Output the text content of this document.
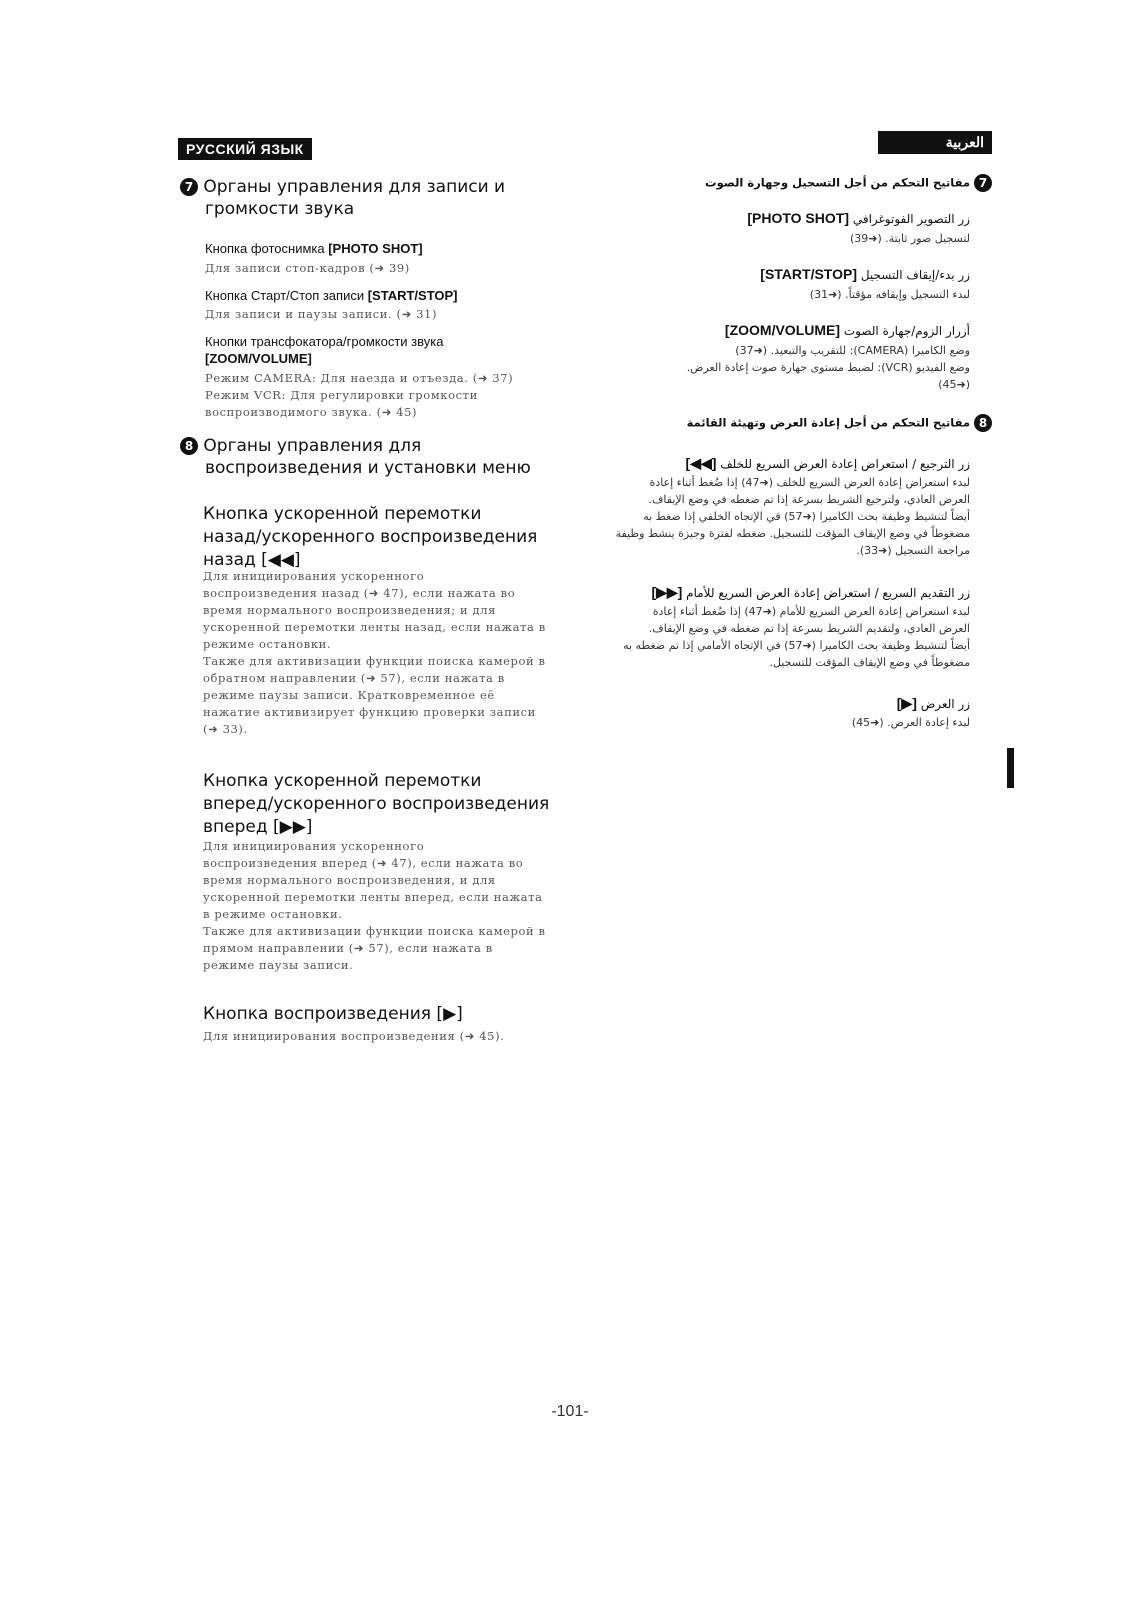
РУССКИЙ ЯЗЫК	العربية
7 Органы управления для записи и
громкости звука
Кнопка фотоснимка [PHOTO SHOT]
Для записи стоп-кадров (➜ 39)
Кнопка Старт/Стоп записи [START/STOP]
Для записи и паузы записи. (➜ 31)
Кнопки трансфокатора/громкости звука
[ZOOM/VOLUME]
Режим CAMERA: Для наезда и отъезда. (➜ 37)
Режим VCR: Для регулировки громкости
воспроизводимого звука. (➜ 45)
8 Органы управления для
воспроизведения и установки меню
Кнопка ускоренной перемотки
назад/ускоренного воспроизведения
назад [◀◀]
Для инициирования ускоренного
воспроизведения назад (➜ 47), если нажата во
время нормального воспроизведения; и для
ускоренной перемотки ленты назад, если нажата в
режиме остановки.
Также для активизации функции поиска камерой в
обратном направлении (➜ 57), если нажата в
режиме паузы записи. Кратковременное её
нажатие активизирует функцию проверки записи
(➜ 33).
Кнопка ускоренной перемотки
вперед/ускоренного воспроизведения
вперед [▶▶]
Для инициирования ускоренного
воспроизведения вперед (➜ 47), если нажата во
время нормального воспроизведения, и для
ускоренной перемотки ленты вперед, если нажата
в режиме остановки.
Также для активизации функции поиска камерой в
прямом направлении (➜ 57), если нажата в
режиме паузы записи.
Кнопка воспроизведения [▶]
Для инициирования воспроизведения (➜ 45).
7 مفاتيح التحكم من أجل التسجيل وجهارة الصوت
زر التصوير الفوتوغرافي [PHOTO SHOT]
لتسجيل صور ثابتة. (➜39)
زر بدء/إيقاف التسجيل [START/STOP]
لبدء التسجيل وإيقافه مؤقتاً. (➜31)
أزرار الزوم/جهارة الصوت [ZOOM/VOLUME]
وضع الكاميرا (CAMERA): للتقريب والتبعيد. (➜37)
وضع الفيديو (VCR): لضبط مستوى جهارة صوت إعادة العرض.
(➜45)
8 مفاتيح التحكم من أجل إعادة العرض وتهيئة القائمة
زر الترجيع / استعراض إعادة العرض السريع للخلف [◀◀]
لبدء استعراض إعادة العرض السريع للخلف (➜47) إذا ضُغط أثناء إعادة
العرض العادي، ولترجيع الشريط بسرعة إذا تم ضغطه في وضع الإيقاف.
أيضاً لتنشيط وظيفة بحث الكاميرا (➜57) في الإتجاه الخلفي إذا ضغط به
مضغوطاً في وضع الإيقاف المؤقت للتسجيل. ضغطه لفترة وجيزة ينشط وظيفة
مراجعة التسجيل (➜33).
زر التقديم السريع / استعراض إعادة العرض السريع للأمام [▶▶]
لبدء استعراض إعادة العرض السريع للأمام (➜47) إذا ضُغط أثناء إعادة
العرض العادي، ولتقديم الشريط بسرعة إذا تم ضغطه في وضع الإيقاف.
أيضاً لتنشيط وظيفة بحث الكاميرا (➜57) في الإتجاه الأمامي إذا تم ضغطه به
مضغوطاً في وضع الإيقاف المؤقت للتسجيل.
زر العرض [▶]
لبدء إعادة العرض. (➜45)
-101-
